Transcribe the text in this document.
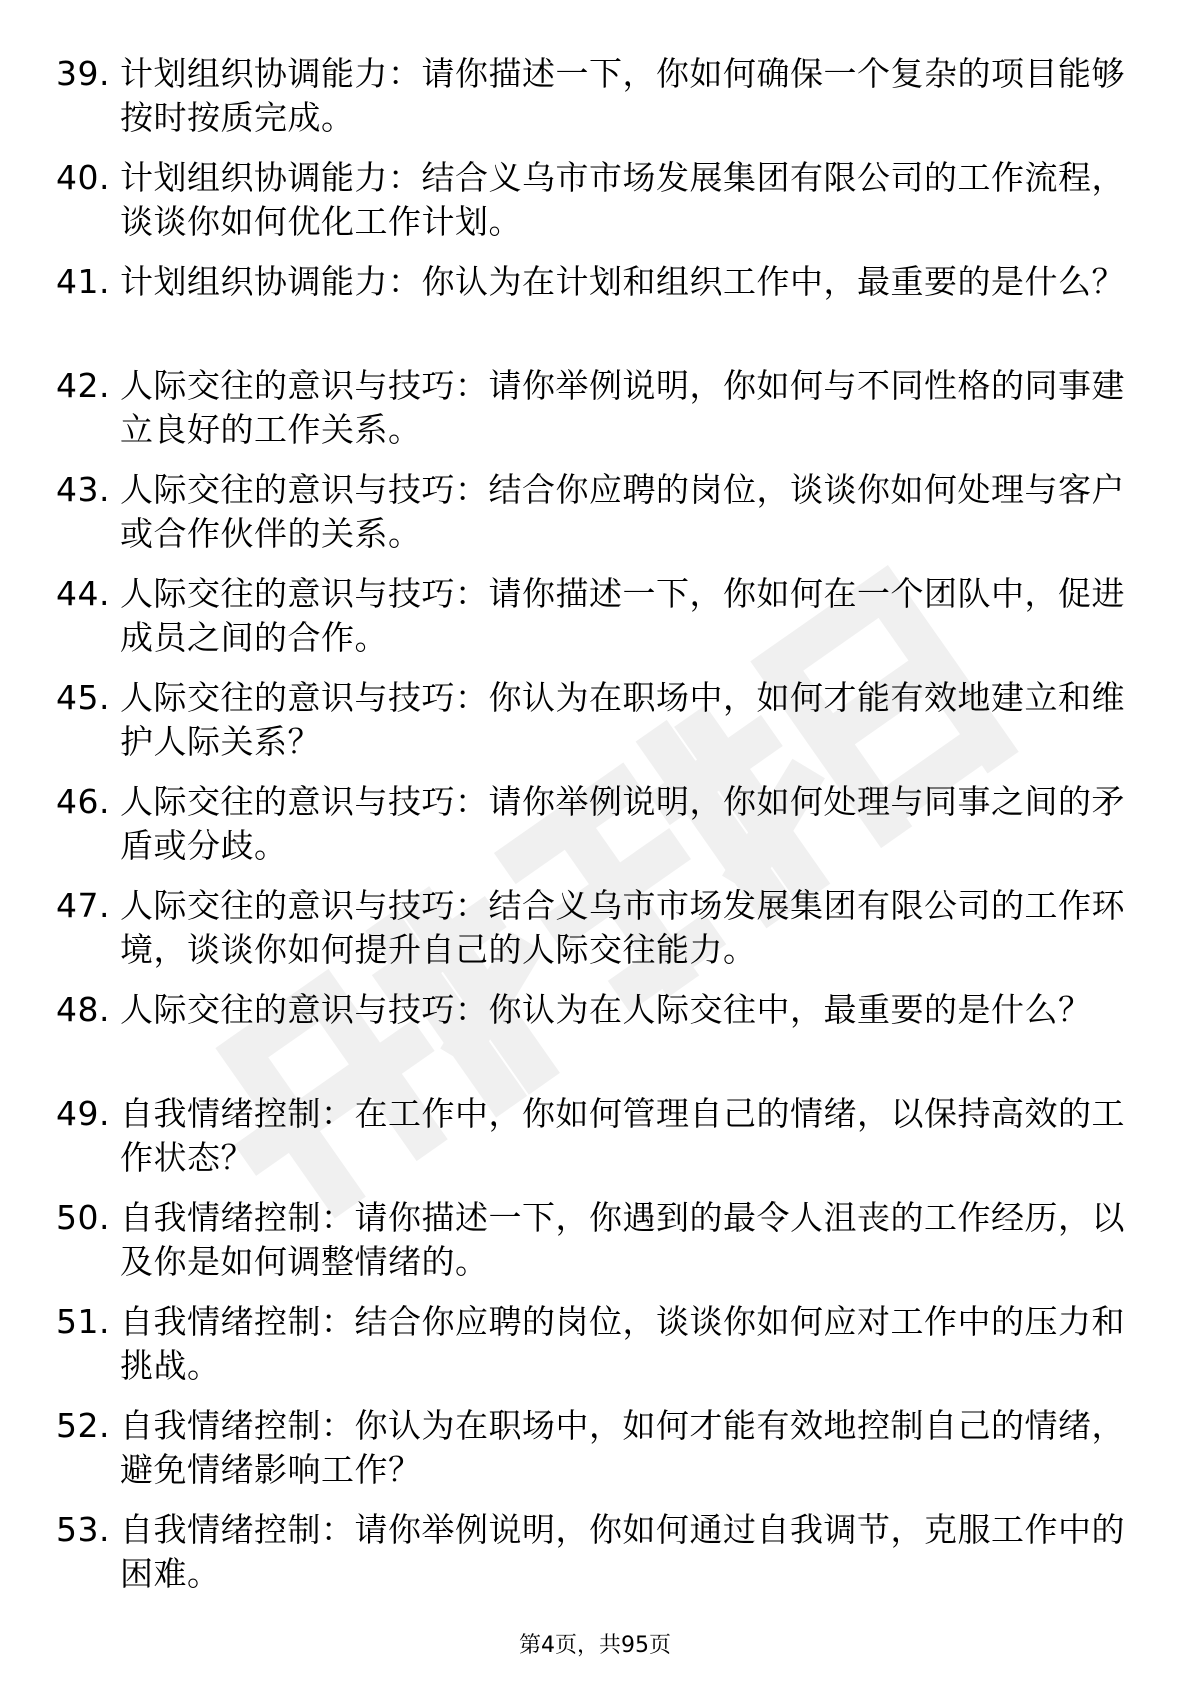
39. 计划组织协调能力：请你描述一下，你如何确保一个复杂的项目能够按时按质完成。
40. 计划组织协调能力：结合义乌市市场发展集团有限公司的工作流程，谈谈你如何优化工作计划。
41. 计划组织协调能力：你认为在计划和组织工作中，最重要的是什么？
42. 人际交往的意识与技巧：请你举例说明，你如何与不同性格的同事建立良好的工作关系。
43. 人际交往的意识与技巧：结合你应聘的岗位，谈谈你如何处理与客户或合作伙伴的关系。
44. 人际交往的意识与技巧：请你描述一下，你如何在一个团队中，促进成员之间的合作。
45. 人际交往的意识与技巧：你认为在职场中，如何才能有效地建立和维护人际关系？
46. 人际交往的意识与技巧：请你举例说明，你如何处理与同事之间的矛盾或分歧。
47. 人际交往的意识与技巧：结合义乌市市场发展集团有限公司的工作环境，谈谈你如何提升自己的人际交往能力。
48. 人际交往的意识与技巧：你认为在人际交往中，最重要的是什么？
49. 自我情绪控制：在工作中，你如何管理自己的情绪，以保持高效的工作状态？
50. 自我情绪控制：请你描述一下，你遇到的最令人沮丧的工作经历，以及你是如何调整情绪的。
51. 自我情绪控制：结合你应聘的岗位，谈谈你如何应对工作中的压力和挑战。
52. 自我情绪控制：你认为在职场中，如何才能有效地控制自己的情绪，避免情绪影响工作？
53. 自我情绪控制：请你举例说明，你如何通过自我调节，克服工作中的困难。
第4页，共95页
